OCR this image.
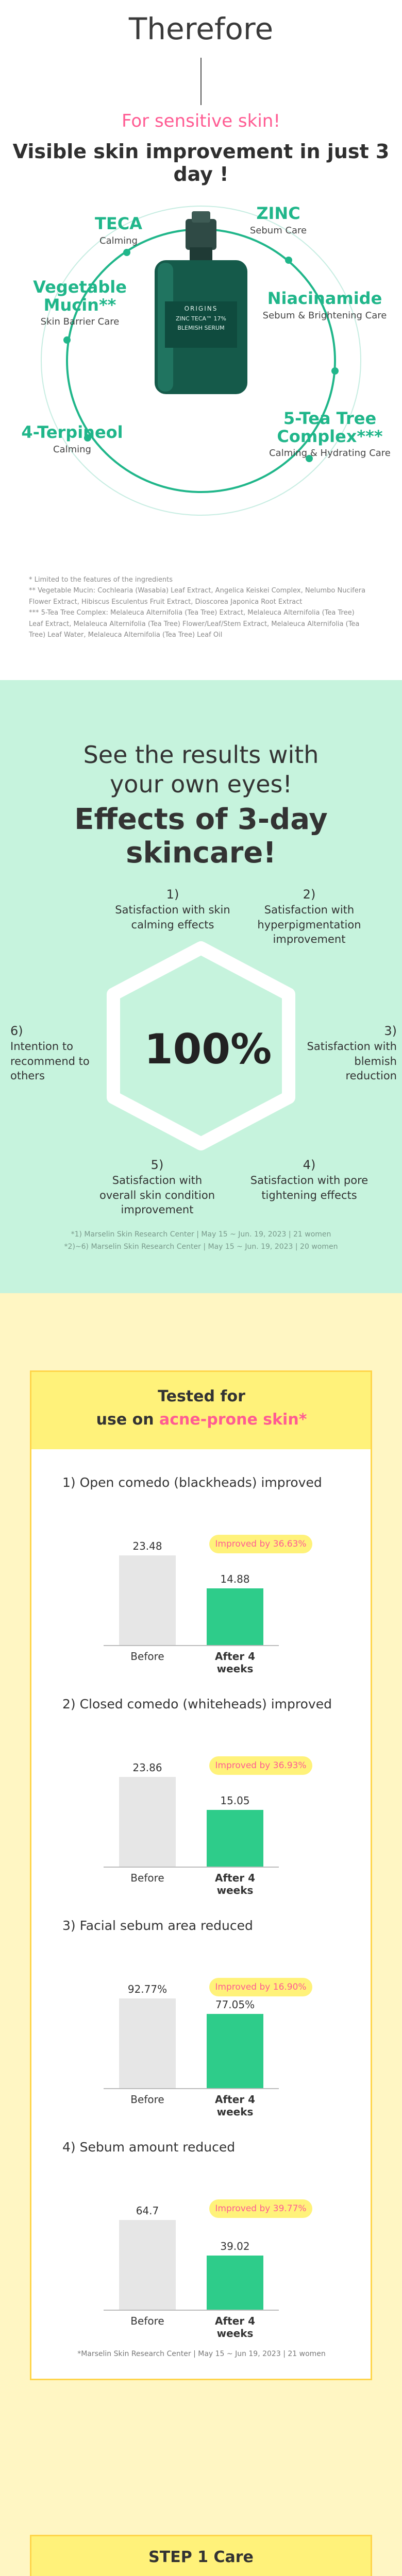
Therefore
For sensitive skin!
Visible skin improvement in just 3 day !
ORIGINS
ZINC TECA™ 17%
BLEMISH SERUM
TECA
Calming
ZINC
Sebum Care
Vegetable Mucin**
Skin Barrier Care
Niacinamide
Sebum & Brightening Care
4-Terpineol
Calming
5-Tea Tree Complex***
Calming & Hydrating Care
* Limited to the features of the ingredients
** Vegetable Mucin: Cochlearia (Wasabia) Leaf Extract, Angelica Keiskei Complex, Nelumbo Nucifera Flower Extract, Hibiscus Esculentus Fruit Extract, Dioscorea Japonica Root Extract
*** 5-Tea Tree Complex: Melaleuca Alternifolia (Tea Tree) Extract, Melaleuca Alternifolia (Tea Tree) Leaf Extract, Melaleuca Alternifolia (Tea Tree) Flower/Leaf/Stem Extract, Melaleuca Alternifolia (Tea Tree) Leaf Water, Melaleuca Alternifolia (Tea Tree) Leaf Oil
See the results with
your own eyes!
Effects of 3-day skincare!
100%
1)
Satisfaction with skin calming effects
2)
Satisfaction with hyperpigmentation improvement
3)
Satisfaction with blemish reduction
4)
Satisfaction with pore tightening effects
5)
Satisfaction with overall skin condition improvement
6)
Intention to recommend to others
*1) Marselin Skin Research Center | May 15 ~ Jun. 19, 2023 | 21 women
*2)~6) Marselin Skin Research Center | May 15 ~ Jun. 19, 2023 | 20 women
Tested for
use on acne-prone skin*
1) Open comedo (blackheads) improved
23.48
14.88
Before	After 4 weeks
Improved by 36.63%
2) Closed comedo (whiteheads) improved
23.86
15.05
Before	After 4 weeks
Improved by 36.93%
3) Facial sebum area reduced
92.77%
77.05%
Before	After 4 weeks
Improved by 16.90%
4) Sebum amount reduced
64.7
39.02
Before	After 4 weeks
Improved by 39.77%
*Marselin Skin Research Center | May 15 ~ Jun 19, 2023 | 21 women
STEP 1 Care
